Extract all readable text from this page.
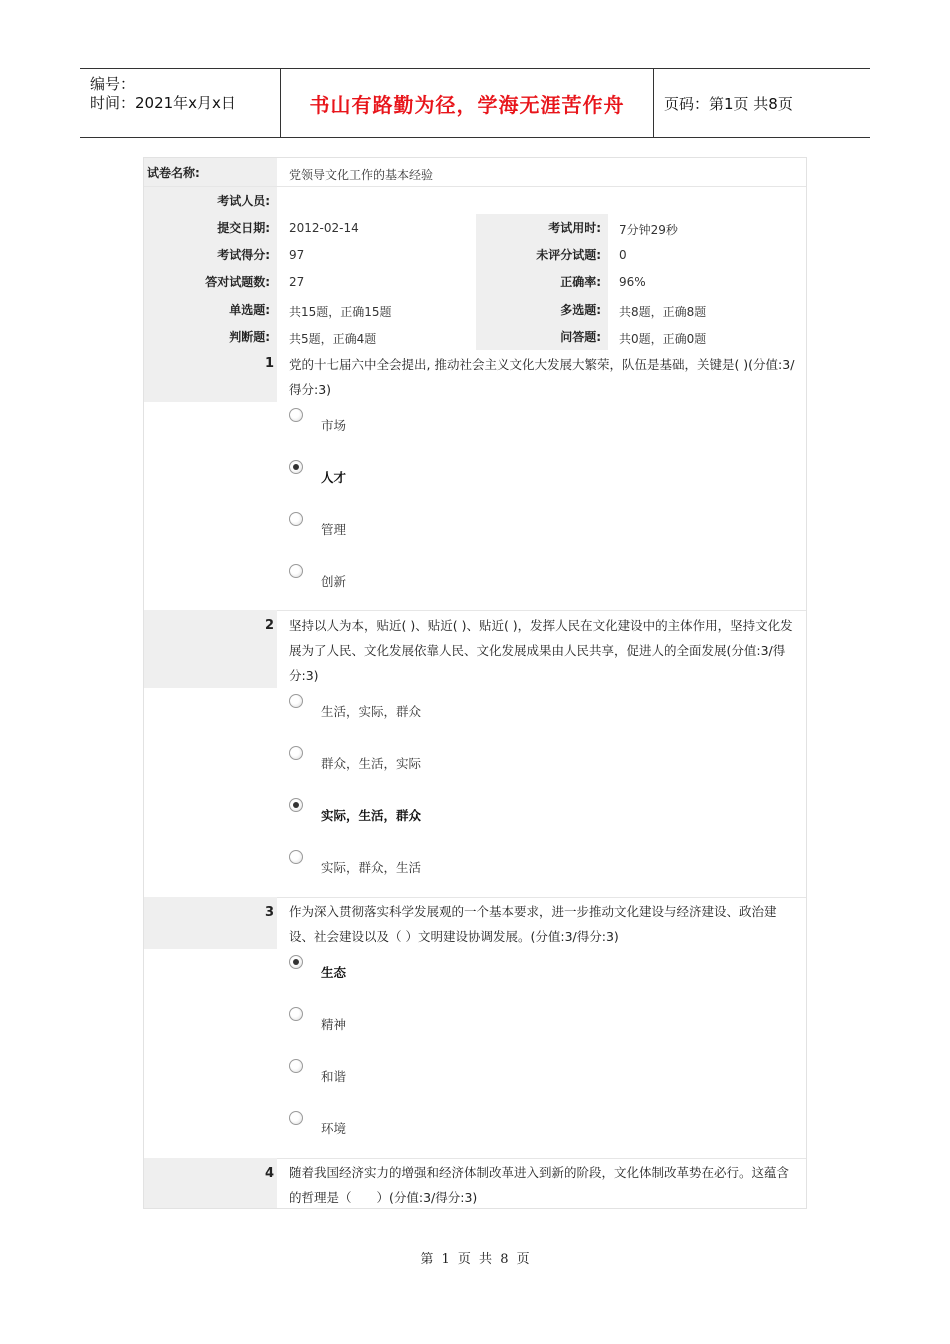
编号：
时间：2021年x月x日	书山有路勤为径，学海无涯苦作舟	页码：第1页 共8页
试卷名称:	党领导文化工作的基本经验
考试人员:
提交日期:	2012-02-14	考试用时:	7分钟29秒
考试得分:	97	未评分试题:	0
答对试题数:	27	正确率:	96%
单选题:	共15题，正确15题	多选题:	共8题，正确8题
判断题:	共5题，正确4题	问答题:	共0题，正确0题
1 党的十七届六中全会提出, 推动社会主义文化大发展大繁荣，队伍是基础，关键是( )(分值:3/得分:3)
市场
人才
管理
创新
2 坚持以人为本，贴近( )、贴近( )、贴近( )，发挥人民在文化建设中的主体作用，坚持文化发展为了人民、文化发展依靠人民、文化发展成果由人民共享，促进人的全面发展(分值:3/得分:3)
生活，实际，群众
群众，生活，实际
实际，生活，群众
实际，群众，生活
3 作为深入贯彻落实科学发展观的一个基本要求，进一步推动文化建设与经济建设、政治建设、社会建设以及（ ）文明建设协调发展。(分值:3/得分:3)
生态
精神
和谐
环境
4 随着我国经济实力的增强和经济体制改革进入到新的阶段，文化体制改革势在必行。这蕴含的哲理是（　　）(分值:3/得分:3)
第 1 页 共 8 页
